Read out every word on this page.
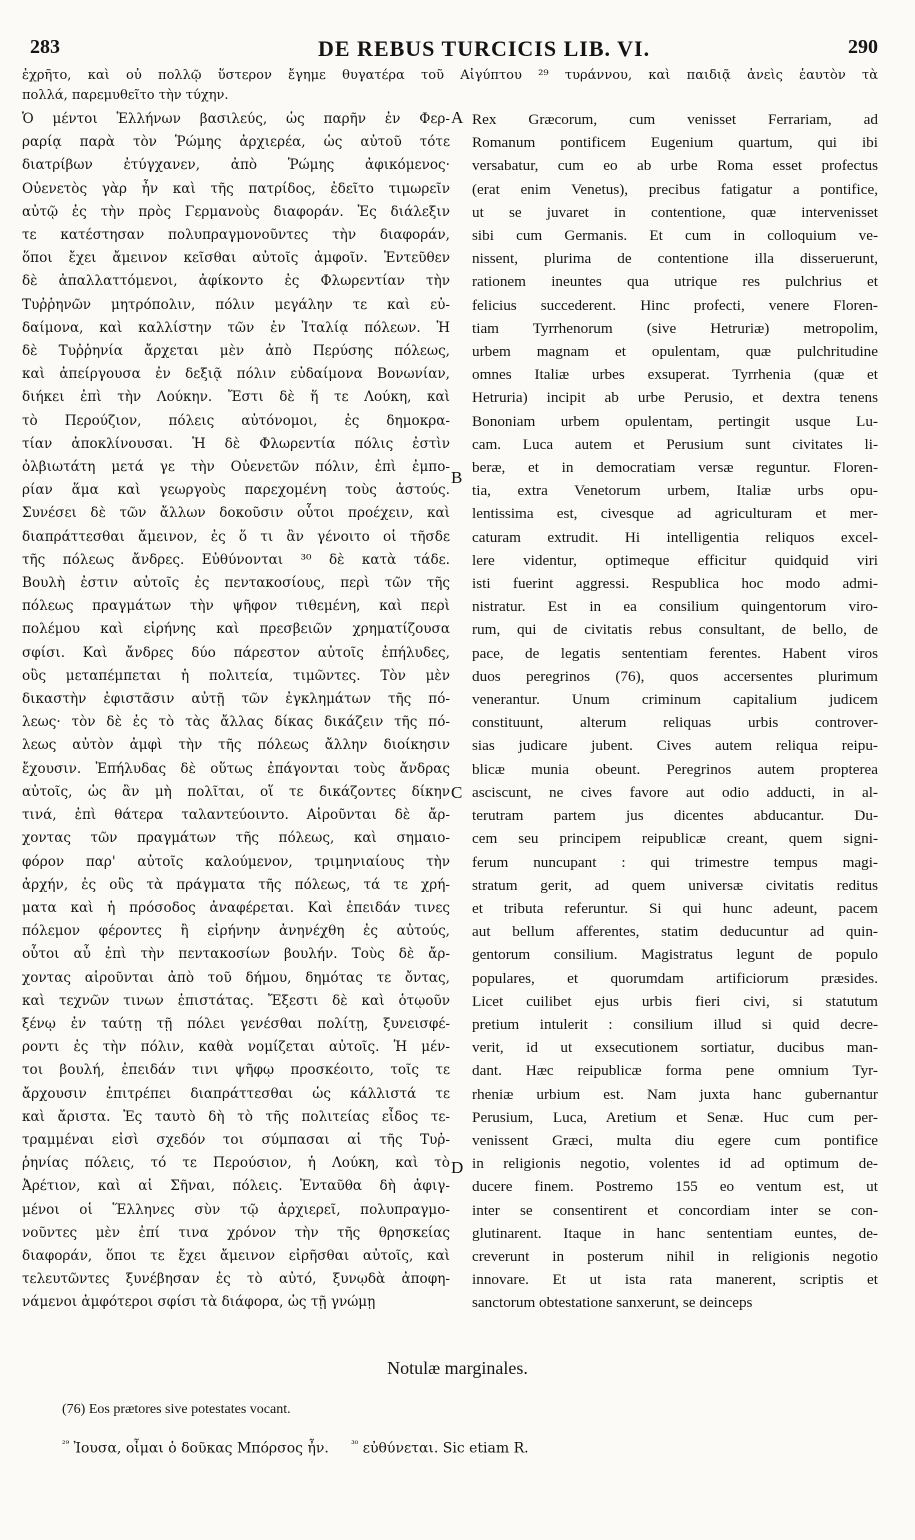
283	DE REBUS TURCICIS LIB. VI.	290
ἐχρῆτο, καὶ οὐ πολλῷ ὕστερον ἔγημε θυγατέρα τοῦ Αἰγύπτου ²⁹ τυράννου, καὶ παιδιᾷ ἀνεὶς ἑαυτὸν τὰ
πολλά, παρεμυθεῖτο τὴν τύχην.
Ὁ μέντοι Ἑλλήνων βασιλεύς, ὡς παρῆν ἐν Φερ-
ραρίᾳ παρὰ τὸν Ῥώμης ἀρχιερέα, ὡς αὐτοῦ τότε
διατρίβων ἐτύγχανεν, ἀπὸ Ῥώμης ἀφικόμενος·
Οὐενετὸς γὰρ ἦν καὶ τῆς πατρίδος, ἐδεῖτο τιμωρεῖν
αὐτῷ ἐς τὴν πρὸς Γερμανοὺς διαφοράν. Ἐς διάλεξιν
τε κατέστησαν πολυπραγμονοῦντες τὴν διαφοράν,
ὅποι ἔχει ἄμεινον κεῖσθαι αὐτοῖς ἀμφοῖν. Ἐντεῦθεν
δὲ ἀπαλλαττόμενοι, ἀφίκοντο ἐς Φλωρεντίαν τὴν
Τυῤῥηνῶν μητρόπολιν, πόλιν μεγάλην τε καὶ εὐ-
δαίμονα, καὶ καλλίστην τῶν ἐν Ἰταλίᾳ πόλεων. Ἡ
δὲ Τυῤῥηνία ἄρχεται μὲν ἀπὸ Περύσης πόλεως,
καὶ ἀπείργουσα ἐν δεξιᾷ πόλιν εὐδαίμονα Βονωνίαν,
διήκει ἐπὶ τὴν Λούκην. Ἔστι δὲ ἥ τε Λούκη, καὶ
τὸ Περούζιον, πόλεις αὐτόνομοι, ἐς δημοκρα-
τίαν ἀποκλίνουσαι. Ἡ δὲ Φλωρεντία πόλις ἐστὶν
ὀλβιωτάτη μετά γε τὴν Οὐενετῶν πόλιν, ἐπὶ ἐμπο-
ρίαν ἅμα καὶ γεωργοὺς παρεχομένη τοὺς ἀστούς.
Συνέσει δὲ τῶν ἄλλων δοκοῦσιν οὗτοι προέχειν, καὶ
διαπράττεσθαι ἄμεινον, ἐς ὅ τι ἂν γένοιτο οἱ τῆσδε
τῆς πόλεως ἄνδρες. Εὐθύνονται ³⁰ δὲ κατὰ τάδε.
Βουλὴ ἐστιν αὐτοῖς ἐς πεντακοσίους, περὶ τῶν τῆς
πόλεως πραγμάτων τὴν ψῆφον τιθεμένη, καὶ περὶ
πολέμου καὶ εἰρήνης καὶ πρεσβειῶν χρηματίζουσα
σφίσι. Καὶ ἄνδρες δύο πάρεστον αὐτοῖς ἐπήλυδες,
οὓς μεταπέμπεται ἡ πολιτεία, τιμῶντες. Τὸν μὲν
δικαστὴν ἐφιστᾶσιν αὐτῇ τῶν ἐγκλημάτων τῆς πό-
λεως· τὸν δὲ ἐς τὸ τὰς ἄλλας δίκας δικάζειν τῆς πό-
λεως αὐτὸν ἀμφὶ τὴν τῆς πόλεως ἄλλην διοίκησιν
ἔχουσιν. Ἐπήλυδας δὲ οὕτως ἐπάγονται τοὺς ἄνδρας
αὐτοῖς, ὡς ἂν μὴ πολῖται, οἵ τε δικάζοντες δίκην
τινά, ἐπὶ θάτερα ταλαντεύοιντο. Αἱροῦνται δὲ ἄρ-
χοντας τῶν πραγμάτων τῆς πόλεως, καὶ σημαιο-
φόρον παρ' αὐτοῖς καλούμενον, τριμηνιαίους τὴν
ἀρχήν, ἐς οὓς τὰ πράγματα τῆς πόλεως, τά τε χρή-
ματα καὶ ἡ πρόσοδος ἀναφέρεται. Καὶ ἐπειδάν τινες
πόλεμον φέροντες ἢ εἰρήνην ἀνηνέχθη ἐς αὐτούς,
οὗτοι αὖ ἐπὶ τὴν πεντακοσίων βουλήν. Τοὺς δὲ ἄρ-
χοντας αἱροῦνται ἀπὸ τοῦ δήμου, δημότας τε ὄντας,
καὶ τεχνῶν τινων ἐπιστάτας. Ἔξεστι δὲ καὶ ὁτῳοῦν
ξένῳ ἐν ταύτῃ τῇ πόλει γενέσθαι πολίτῃ, ξυνεισφέ-
ροντι ἐς τὴν πόλιν, καθὰ νομίζεται αὐτοῖς. Ἡ μέν-
τοι βουλή, ἐπειδάν τινι ψῆφῳ προσκέοιτο, τοῖς τε
ἄρχουσιν ἐπιτρέπει διαπράττεσθαι ὡς κάλλιστά τε
καὶ ἄριστα. Ἐς ταυτὸ δὴ τὸ τῆς πολιτείας εἶδος τε-
τραμμέναι εἰσὶ σχεδόν τοι σύμπασαι αἱ τῆς Τυῤ-
ῥηνίας πόλεις, τό τε Περούσιον, ἡ Λούκη, καὶ τὸ
Ἀρέτιον, καὶ αἱ Σῆναι, πόλεις. Ἐνταῦθα δὴ ἀφιγ-
μένοι οἱ Ἕλληνες σὺν τῷ ἀρχιερεῖ, πολυπραγμο-
νοῦντες μὲν ἐπί τινα χρόνον τὴν τῆς θρησκείας
διαφοράν, ὅποι τε ἔχει ἄμεινον εἰρῆσθαι αὐτοῖς, καὶ
τελευτῶντες ξυνέβησαν ἐς τὸ αὐτό, ξυνῳδὰ ἀποφη-
νάμενοι ἀμφότεροι σφίσι τὰ διάφορα, ὡς τῇ γνώμῃ
Rex Græcorum, cum venisset Ferrariam, ad
Romanum pontificem Eugenium quartum, qui ibi
versabatur, cum eo ab urbe Roma esset profectus
(erat enim Venetus), precibus fatigatur a pontifice,
ut se juvaret in contentione, quæ intervenisset
sibi cum Germanis. Et cum in colloquium ve-
nissent, plurima de contentione illa disseruerunt,
rationem ineuntes qua utrique res pulchrius et
felicius succederent. Hinc profecti, venere Floren-
tiam Tyrrhenorum (sive Hetruriæ) metropolim,
urbem magnam et opulentam, quæ pulchritudine
omnes Italiæ urbes exsuperat. Tyrrhenia (quæ et
Hetruria) incipit ab urbe Perusio, et dextra tenens
Bononiam urbem opulentam, pertingit usque Lu-
cam. Luca autem et Perusium sunt civitates li-
beræ, et in democratiam versæ reguntur. Floren-
tia, extra Venetorum urbem, Italiæ urbs opu-
lentissima est, civesque ad agriculturam et mer-
caturam extrudit. Hi intelligentia reliquos excel-
lere videntur, optimeque efficitur quidquid viri
isti fuerint aggressi. Respublica hoc modo admi-
nistratur. Est in ea consilium quingentorum viro-
rum, qui de civitatis rebus consultant, de bello, de
pace, de legatis sententiam ferentes. Habent viros
duos peregrinos (76), quos accersentes plurimum
venerantur. Unum criminum capitalium judicem
constituunt, alterum reliquas urbis controver-
sias judicare jubent. Cives autem reliqua reipu-
blicæ munia obeunt. Peregrinos autem propterea
asciscunt, ne cives favore aut odio adducti, in al-
terutram partem jus dicentes abducantur. Du-
cem seu principem reipublicæ creant, quem signi-
ferum nuncupant : qui trimestre tempus magi-
stratum gerit, ad quem universæ civitatis reditus
et tributa referuntur. Si qui hunc adeunt, pacem
aut bellum afferentes, statim deducuntur ad quin-
gentorum consilium. Magistratus legunt de populo
populares, et quorumdam artificiorum præsides.
Licet cuilibet ejus urbis fieri civi, si statutum
pretium intulerit : consilium illud si quid decre-
verit, id ut exsecutionem sortiatur, ducibus man-
dant. Hæc reipublicæ forma pene omnium Tyr-
rheniæ urbium est. Nam juxta hanc gubernantur
Perusium, Luca, Aretium et Senæ. Huc cum per-
venissent Græci, multa diu egere cum pontifice
in religionis negotio, volentes id ad optimum de-
ducere finem. Postremo 155 eo ventum est, ut
inter se consentirent et concordiam inter se con-
glutinarent. Itaque in hanc sententiam euntes, de-
creverunt in posterum nihil in religionis negotio
innovare. Et ut ista rata manerent, scriptis et
sanctorum obtestatione sanxerunt, se deinceps
A
B
C
D
Notulæ marginales.
(76) Eos prætores sive potestates vocant.
$^{^{29}}$ Ἰουσα, οἶμαι ὁ δοῦκας Μπόρσος ἦν. $^{^{30}}$ εὐθύνεται. Sic etiam R.
